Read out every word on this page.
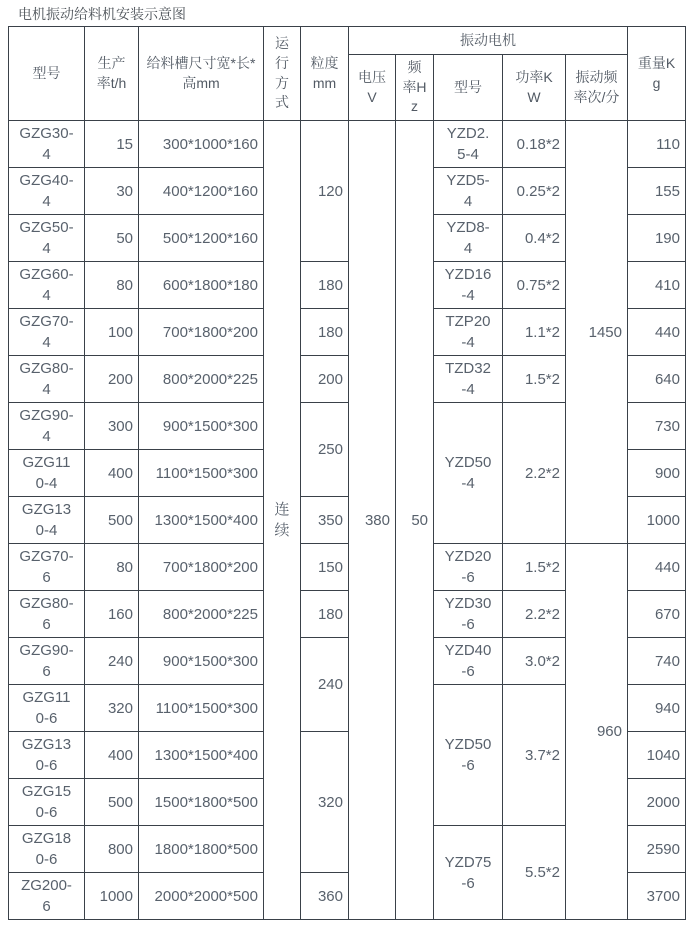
电机振动给料机安装示意图
型号	生产率t/h	给料槽尺寸宽*长*高mm	运行方式	粒度mm	振动电机					重量Kg
					电压V	频率Hz	型号	功率KW	振动频率次/分	
GZG30-4	15	300*1000*160	连续	120	380	50	YZD2.5-4	0.18*2	1450	110
GZG40-4	30	400*1200*160					YZD5-4	0.25*2		155
GZG50-4	50	500*1200*160					YZD8-4	0.4*2		190
GZG60-4	80	600*1800*180		180			YZD16-4	0.75*2		410
GZG70-4	100	700*1800*200		180			TZP20-4	1.1*2		440
GZG80-4	200	800*2000*225		200			TZD32-4	1.5*2		640
GZG90-4	300	900*1500*300		250			YZD50-4	2.2*2		730
GZG110-4	400	1100*1500*300								900
GZG130-4	500	1300*1500*400		350						1000
GZG70-6	80	700*1800*200		150			YZD20-6	1.5*2	960	440
GZG80-6	160	800*2000*225		180			YZD30-6	2.2*2		670
GZG90-6	240	900*1500*300		240			YZD40-6	3.0*2		740
GZG110-6	320	1100*1500*300					YZD50-6	3.7*2		940
GZG130-6	400	1300*1500*400		320						1040
GZG150-6	500	1500*1800*500								2000
GZG180-6	800	1800*1800*500					YZD75-6	5.5*2		2590
ZG200-6	1000	2000*2000*500		360						3700
